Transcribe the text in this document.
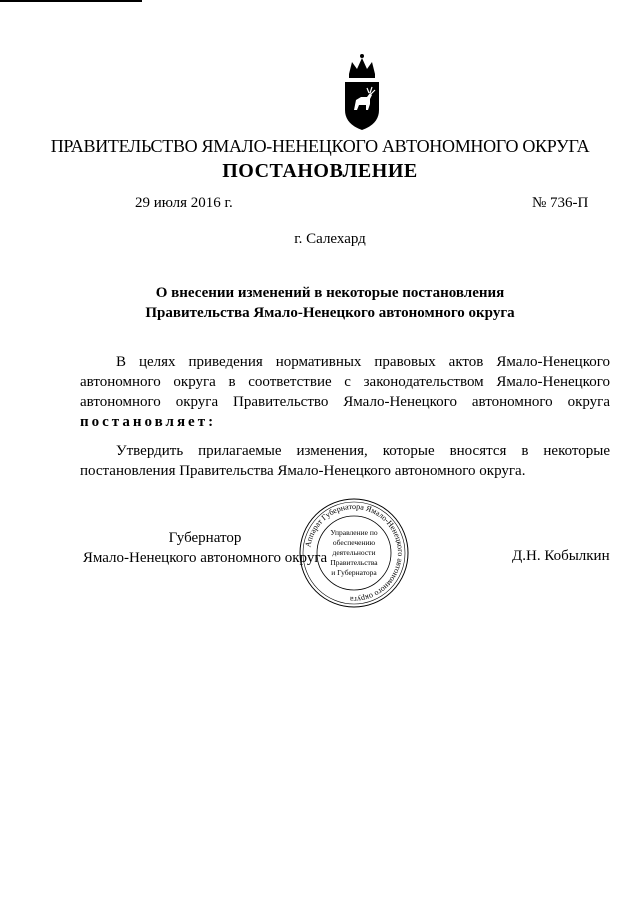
ПРАВИТЕЛЬСТВО ЯМАЛО-НЕНЕЦКОГО АВТОНОМНОГО ОКРУГА
ПОСТАНОВЛЕНИЕ
29 июля 2016 г.	№ 736-П
г. Салехард
О внесении изменений в некоторые постановления
Правительства Ямало-Ненецкого автономного округа
В целях приведения нормативных правовых актов Ямало-Ненецкого автономного округа в соответствие с законодательством Ямало-Ненецкого автономного округа Правительство Ямало-Ненецкого автономного округа постановляет:
Утвердить прилагаемые изменения, которые вносятся в некоторые постановления Правительства Ямало-Ненецкого автономного округа.
Губернатор
Ямало-Ненецкого автономного округа	Д.Н. Кобылкин
Аппарат Губернатора Ямало-Ненецкого автономного округа
Управление по
обеспечению
деятельности
Правительства
и Губернатора
